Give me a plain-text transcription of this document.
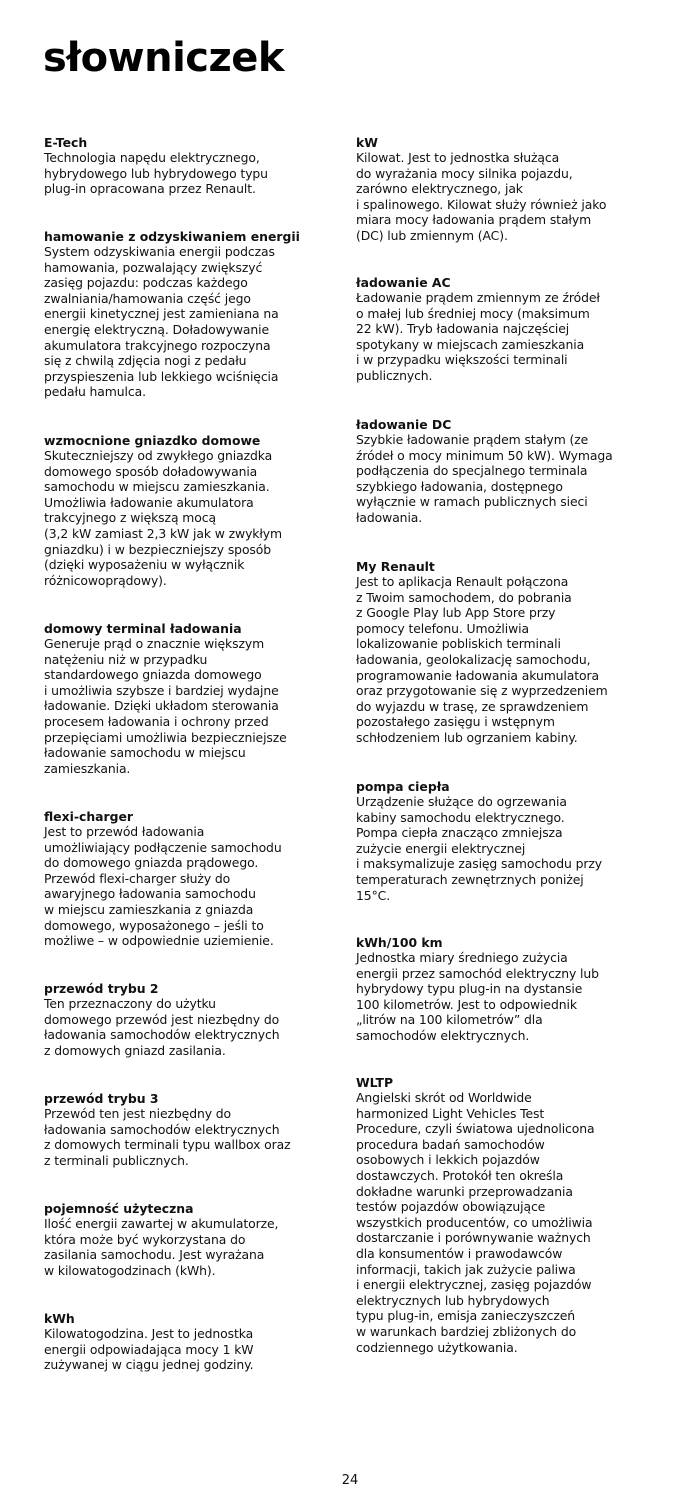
słowniczek
E-Tech

Technologia napędu elektrycznego,
hybrydowego lub hybrydowego typu
plug-in opracowana przez Renault.

hamowanie z odzyskiwaniem energii

System odzyskiwania energii podczas
hamowania, pozwalający zwiększyć
zasięg pojazdu: podczas każdego
zwalniania/hamowania część jego
energii kinetycznej jest zamieniana na
energię elektryczną. Doładowywanie
akumulatora trakcyjnego rozpoczyna
się z chwilą zdjęcia nogi z pedału
przyspieszenia lub lekkiego wciśnięcia
pedału hamulca.

wzmocnione gniazdko domowe

Skuteczniejszy od zwykłego gniazdka
domowego sposób doładowywania
samochodu w miejscu zamieszkania.
Umożliwia ładowanie akumulatora
trakcyjnego z większą mocą
(3,2 kW zamiast 2,3 kW jak w zwykłym
gniazdku) i w bezpieczniejszy sposób
(dzięki wyposażeniu w wyłącznik
różnicowoprądowy).

domowy terminal ładowania

Generuje prąd o znacznie większym
natężeniu niż w przypadku
standardowego gniazda domowego
i umożliwia szybsze i bardziej wydajne
ładowanie. Dzięki układom sterowania
procesem ładowania i ochrony przed
przepięciami umożliwia bezpieczniejsze
ładowanie samochodu w miejscu
zamieszkania.

flexi-charger

Jest to przewód ładowania
umożliwiający podłączenie samochodu
do domowego gniazda prądowego.
Przewód flexi-charger służy do
awaryjnego ładowania samochodu
w miejscu zamieszkania z gniazda
domowego, wyposażonego – jeśli to
możliwe – w odpowiednie uziemienie.

przewód trybu 2

Ten przeznaczony do użytku
domowego przewód jest niezbędny do
ładowania samochodów elektrycznych
z domowych gniazd zasilania.

przewód trybu 3

Przewód ten jest niezbędny do
ładowania samochodów elektrycznych
z domowych terminali typu wallbox oraz
z terminali publicznych.

pojemność użyteczna

Ilość energii zawartej w akumulatorze,
która może być wykorzystana do
zasilania samochodu. Jest wyrażana
w kilowatogodzinach (kWh).

kWh

Kilowatogodzina. Jest to jednostka
energii odpowiadająca mocy 1 kW
zużywanej w ciągu jednej godziny.

kW

Kilowat. Jest to jednostka służąca
do wyrażania mocy silnika pojazdu,
zarówno elektrycznego, jak
i spalinowego. Kilowat służy również jako
miara mocy ładowania prądem stałym
(DC) lub zmiennym (AC).

ładowanie AC

Ładowanie prądem zmiennym ze źródeł
o małej lub średniej mocy (maksimum
22 kW). Tryb ładowania najczęściej
spotykany w miejscach zamieszkania
i w przypadku większości terminali
publicznych.

ładowanie DC

Szybkie ładowanie prądem stałym (ze
źródeł o mocy minimum 50 kW). Wymaga
podłączenia do specjalnego terminala
szybkiego ładowania, dostępnego
wyłącznie w ramach publicznych sieci
ładowania.

My Renault

Jest to aplikacja Renault połączona
z Twoim samochodem, do pobrania
z Google Play lub App Store przy
pomocy telefonu. Umożliwia
lokalizowanie pobliskich terminali
ładowania, geolokalizację samochodu,
programowanie ładowania akumulatora
oraz przygotowanie się z wyprzedzeniem
do wyjazdu w trasę, ze sprawdzeniem
pozostałego zasięgu i wstępnym
schłodzeniem lub ogrzaniem kabiny.

pompa ciepła

Urządzenie służące do ogrzewania
kabiny samochodu elektrycznego.
Pompa ciepła znacząco zmniejsza
zużycie energii elektrycznej
i maksymalizuje zasięg samochodu przy
temperaturach zewnętrznych poniżej
15°C.

kWh/100 km

Jednostka miary średniego zużycia
energii przez samochód elektryczny lub
hybrydowy typu plug-in na dystansie
100 kilometrów. Jest to odpowiednik
„litrów na 100 kilometrów” dla
samochodów elektrycznych.

WLTP

Angielski skrót od Worldwide
harmonized Light Vehicles Test
Procedure, czyli światowa ujednolicona
procedura badań samochodów
osobowych i lekkich pojazdów
dostawczych. Protokół ten określa
dokładne warunki przeprowadzania
testów pojazdów obowiązujące
wszystkich producentów, co umożliwia
dostarczanie i porównywanie ważnych
dla konsumentów i prawodawców
informacji, takich jak zużycie paliwa
i energii elektrycznej, zasięg pojazdów
elektrycznych lub hybrydowych
typu plug-in, emisja zanieczyszczeń
w warunkach bardziej zbliżonych do
codziennego użytkowania.

24
